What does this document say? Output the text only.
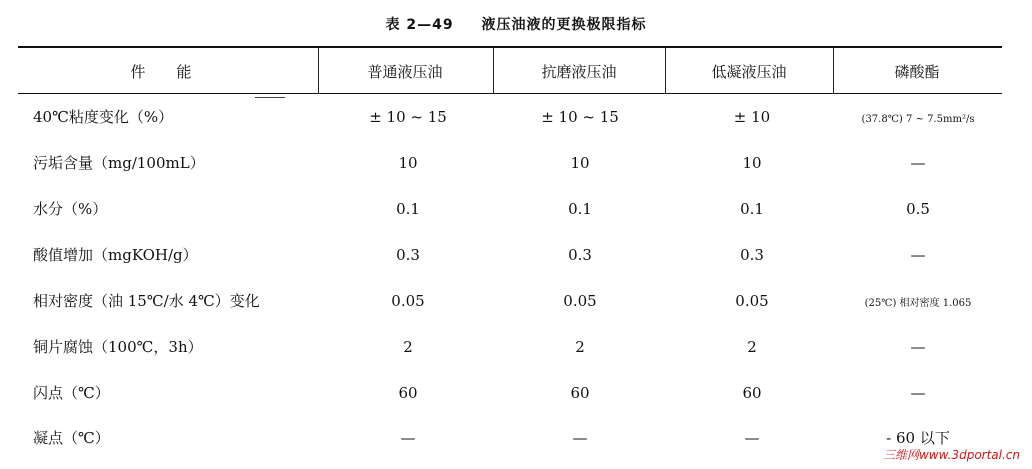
表 2—49 液压油液的更换极限指标
件　能	普通液压油	抗磨液压油	低凝液压油	磷酸酯
40℃粘度变化（%）	± 10 ~ 15	± 10 ~ 15	± 10	(37.8℃) 7 ~ 7.5mm²/s
污垢含量（mg/100mL）	10	10	10	—
水分（%）	0.1	0.1	0.1	0.5
酸值增加（mgKOH/g）	0.3	0.3	0.3	—
相对密度（油 15℃/水 4℃）变化	0.05	0.05	0.05	(25℃) 相对密度 1.065
铜片腐蚀（100℃，3h）	2	2	2	—
闪点（℃）	60	60	60	—
凝点（℃）	—	—	—	- 60 以下
三维网www.3dportal.cn
